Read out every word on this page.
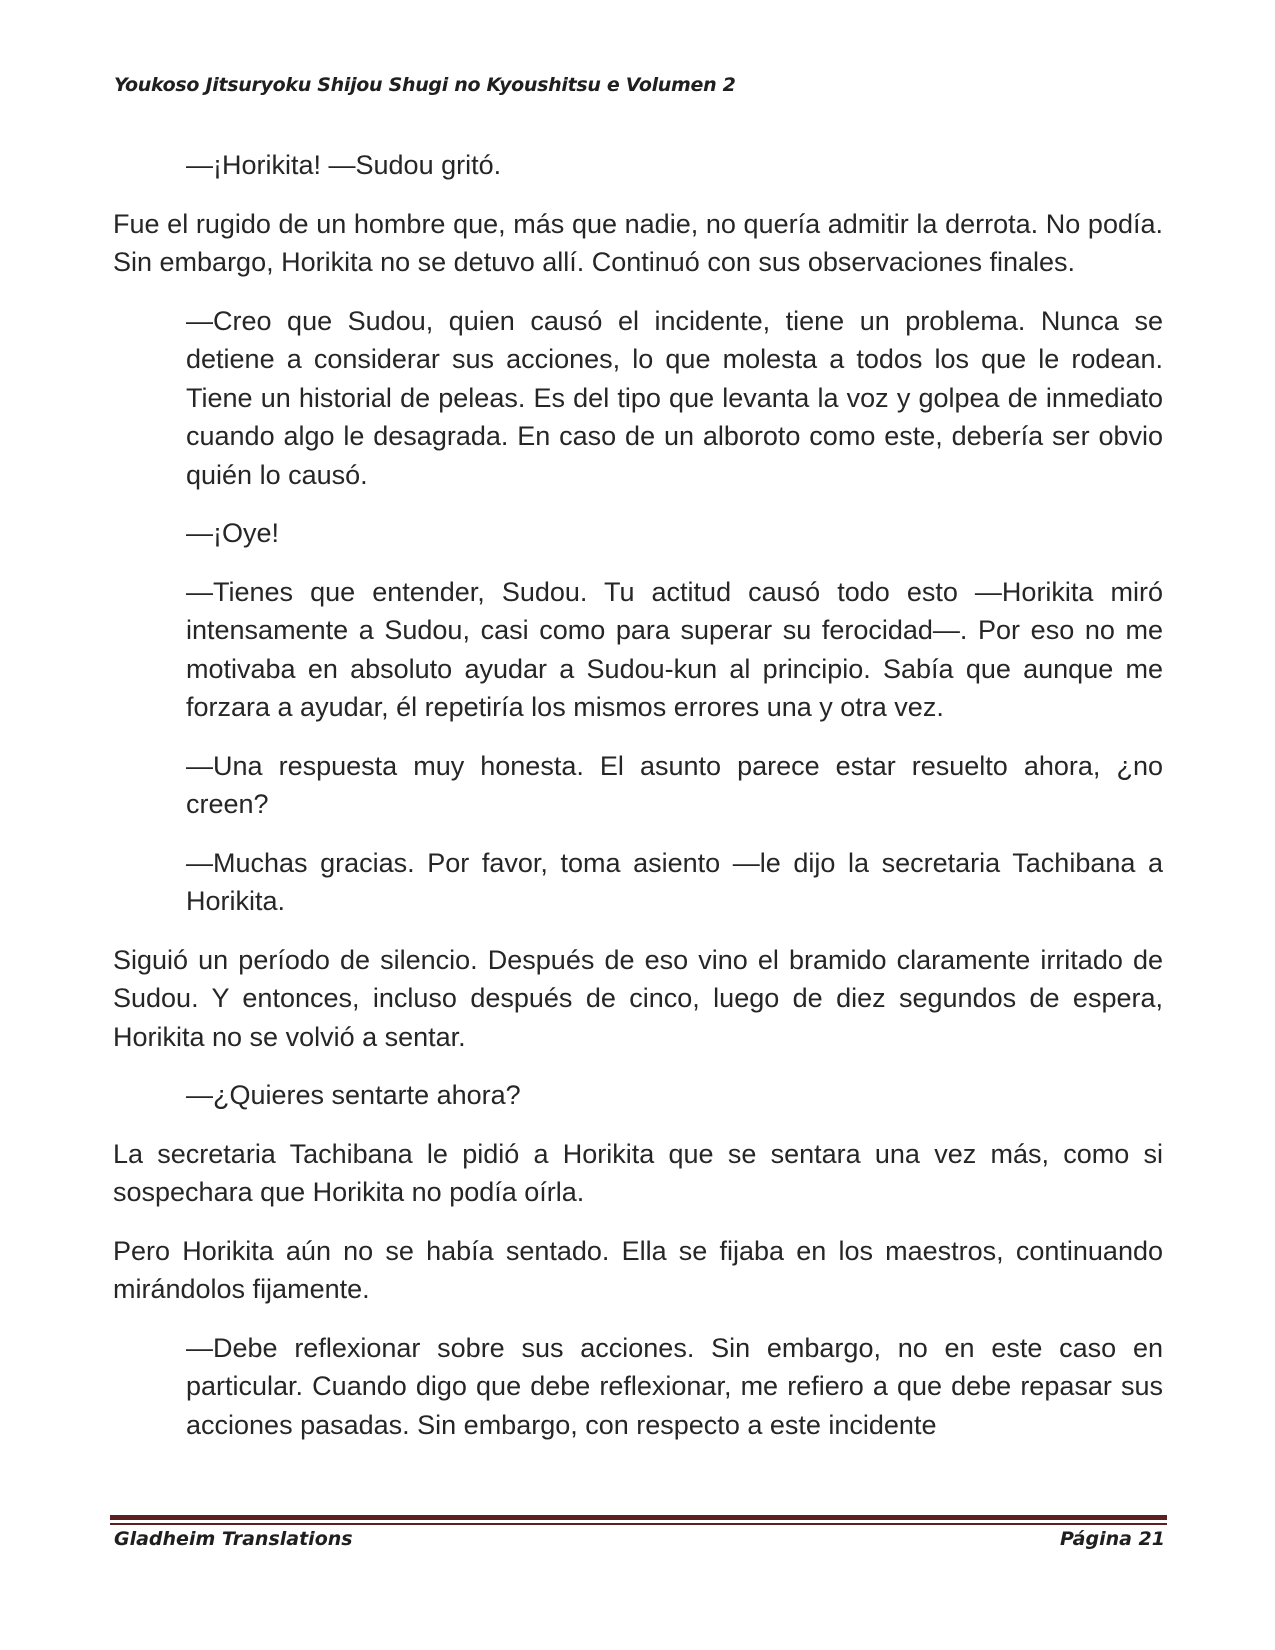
Youkoso Jitsuryoku Shijou Shugi no Kyoushitsu e Volumen 2

—¡Horikita! —Sudou gritó.

Fue el rugido de un hombre que, más que nadie, no quería admitir la derrota. No podía. Sin embargo, Horikita no se detuvo allí. Continuó con sus observaciones finales.

—Creo que Sudou, quien causó el incidente, tiene un problema. Nunca se detiene a considerar sus acciones, lo que molesta a todos los que le rodean. Tiene un historial de peleas. Es del tipo que levanta la voz y golpea de inmediato cuando algo le desagrada. En caso de un alboroto como este, debería ser obvio quién lo causó.

—¡Oye!

—Tienes que entender, Sudou. Tu actitud causó todo esto —Horikita miró intensamente a Sudou, casi como para superar su ferocidad—. Por eso no me motivaba en absoluto ayudar a Sudou-kun al principio. Sabía que aunque me forzara a ayudar, él repetiría los mismos errores una y otra vez.

—Una respuesta muy honesta. El asunto parece estar resuelto ahora, ¿no creen?

—Muchas gracias. Por favor, toma asiento —le dijo la secretaria Tachibana a Horikita.

Siguió un período de silencio. Después de eso vino el bramido claramente irritado de Sudou. Y entonces, incluso después de cinco, luego de diez segundos de espera, Horikita no se volvió a sentar.

—¿Quieres sentarte ahora?

La secretaria Tachibana le pidió a Horikita que se sentara una vez más, como si sospechara que Horikita no podía oírla.

Pero Horikita aún no se había sentado. Ella se fijaba en los maestros, continuando mirándolos fijamente.

—Debe reflexionar sobre sus acciones. Sin embargo, no en este caso en particular. Cuando digo que debe reflexionar, me refiero a que debe repasar sus acciones pasadas. Sin embargo, con respecto a este incidente

Gladheim Translations	Página 21
